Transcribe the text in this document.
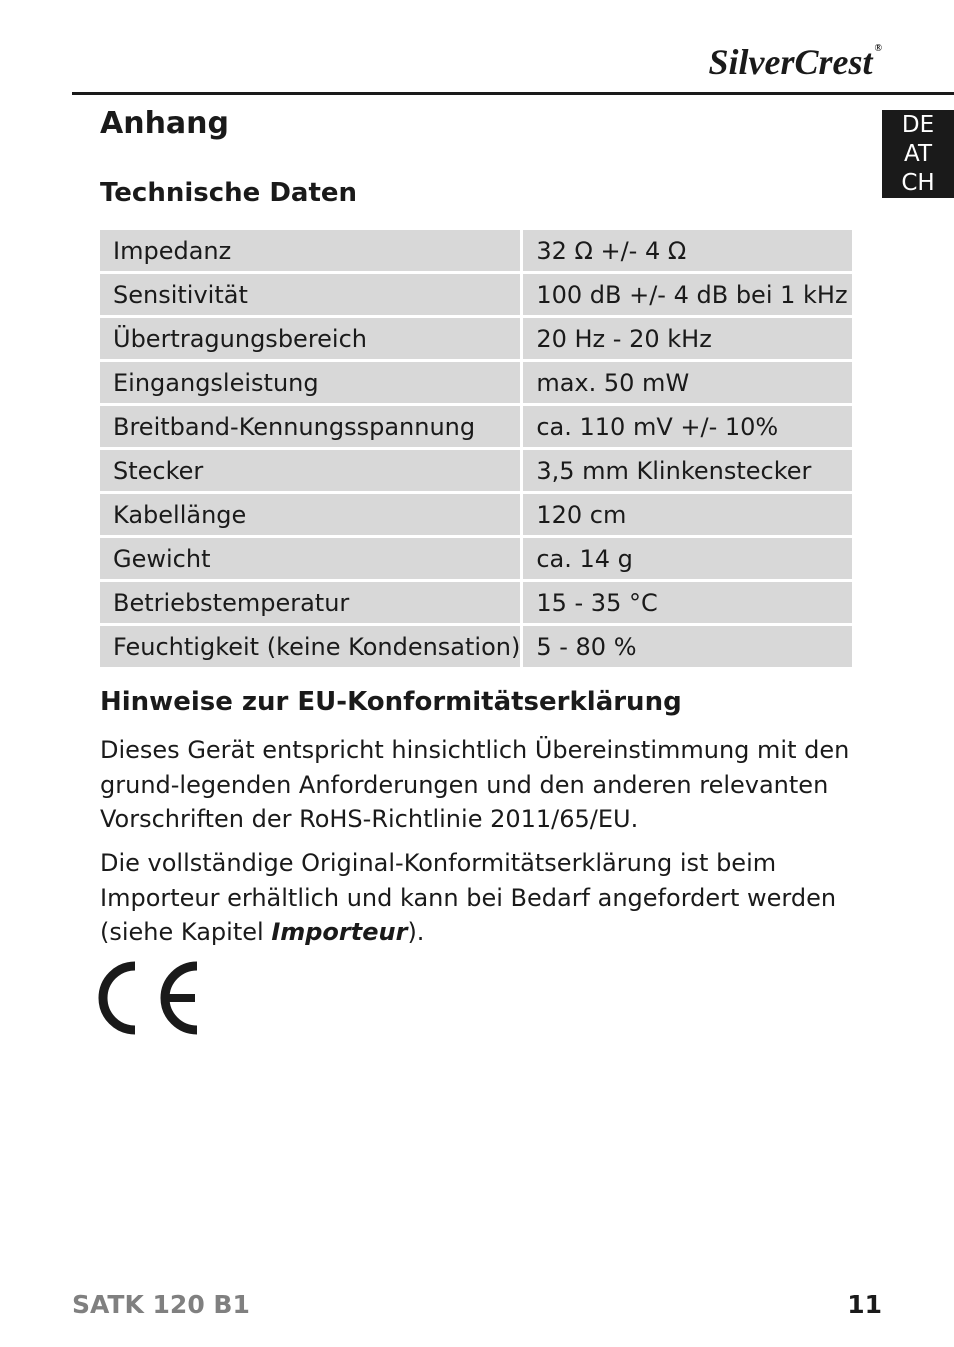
SilverCrest ®
DE
AT
CH
Anhang
Technische Daten
Impedanz	32 Ω +/- 4 Ω
Sensitivität	100 dB +/- 4 dB bei 1 kHz
Übertragungsbereich	20 Hz - 20 kHz
Eingangsleistung	max. 50 mW
Breitband-Kennungsspannung	ca. 110 mV +/- 10%
Stecker	3,5 mm Klinkenstecker
Kabellänge	120 cm
Gewicht	ca. 14 g
Betriebstemperatur	15 - 35 °C
Feuchtigkeit (keine Kondensation)	5 - 80 %
Hinweise zur EU-Konformitätserklärung

Dieses Gerät entspricht hinsichtlich Übereinstimmung mit den grund-legenden Anforderungen und den anderen relevanten Vorschriften der RoHS-Richtlinie 2011/65/EU.

Die vollständige Original-Konformitätserklärung ist beim Importeur erhältlich und kann bei Bedarf angefordert werden (siehe Kapitel Importeur).

SATK 120 B1	11
